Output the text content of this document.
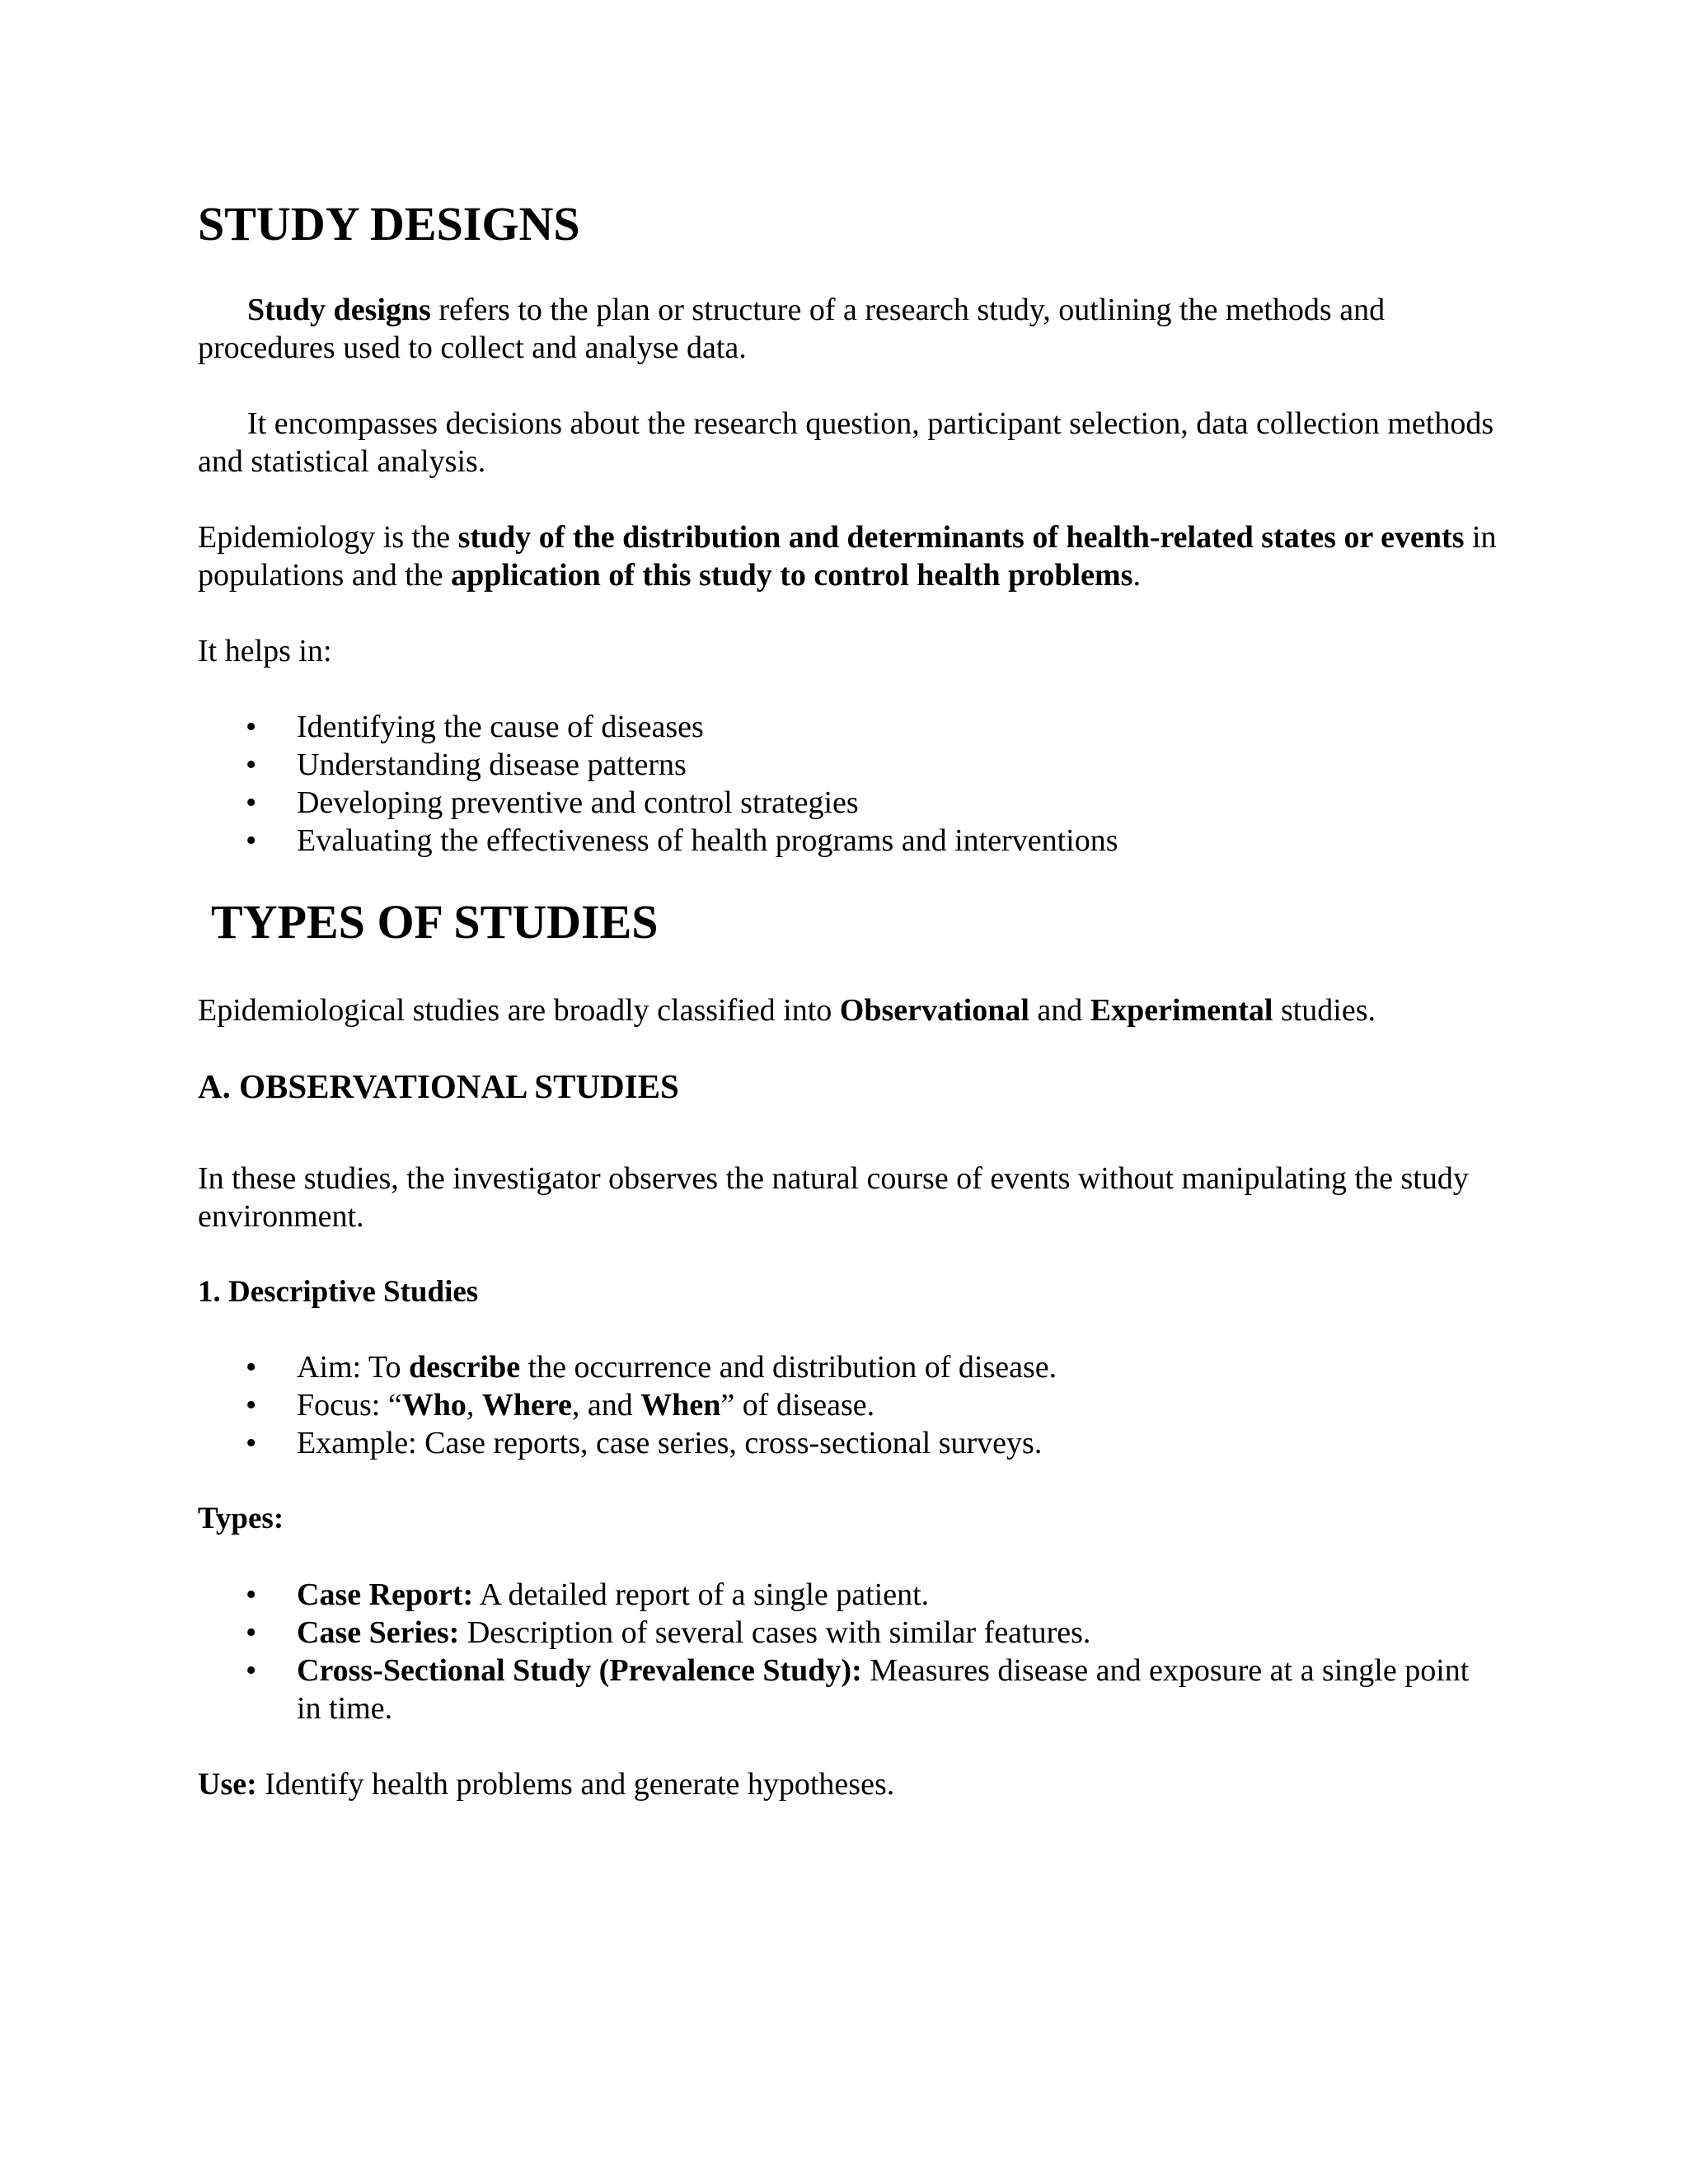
STUDY DESIGNS
Study designs refers to the plan or structure of a research study, outlining the methods and procedures used to collect and analyse data.
It encompasses decisions about the research question, participant selection, data collection methods and statistical analysis.
Epidemiology is the study of the distribution and determinants of health-related states or events in populations and the application of this study to control health problems.
It helps in:
• Identifying the cause of diseases
• Understanding disease patterns
• Developing preventive and control strategies
• Evaluating the effectiveness of health programs and interventions
TYPES OF STUDIES
Epidemiological studies are broadly classified into Observational and Experimental studies.
A. OBSERVATIONAL STUDIES
In these studies, the investigator observes the natural course of events without manipulating the study environment.
1. Descriptive Studies
• Aim: To describe the occurrence and distribution of disease.
• Focus: “Who, Where, and When” of disease.
• Example: Case reports, case series, cross-sectional surveys.
Types:
• Case Report: A detailed report of a single patient.
• Case Series: Description of several cases with similar features.
• Cross-Sectional Study (Prevalence Study): Measures disease and exposure at a single point in time.
Use: Identify health problems and generate hypotheses.
